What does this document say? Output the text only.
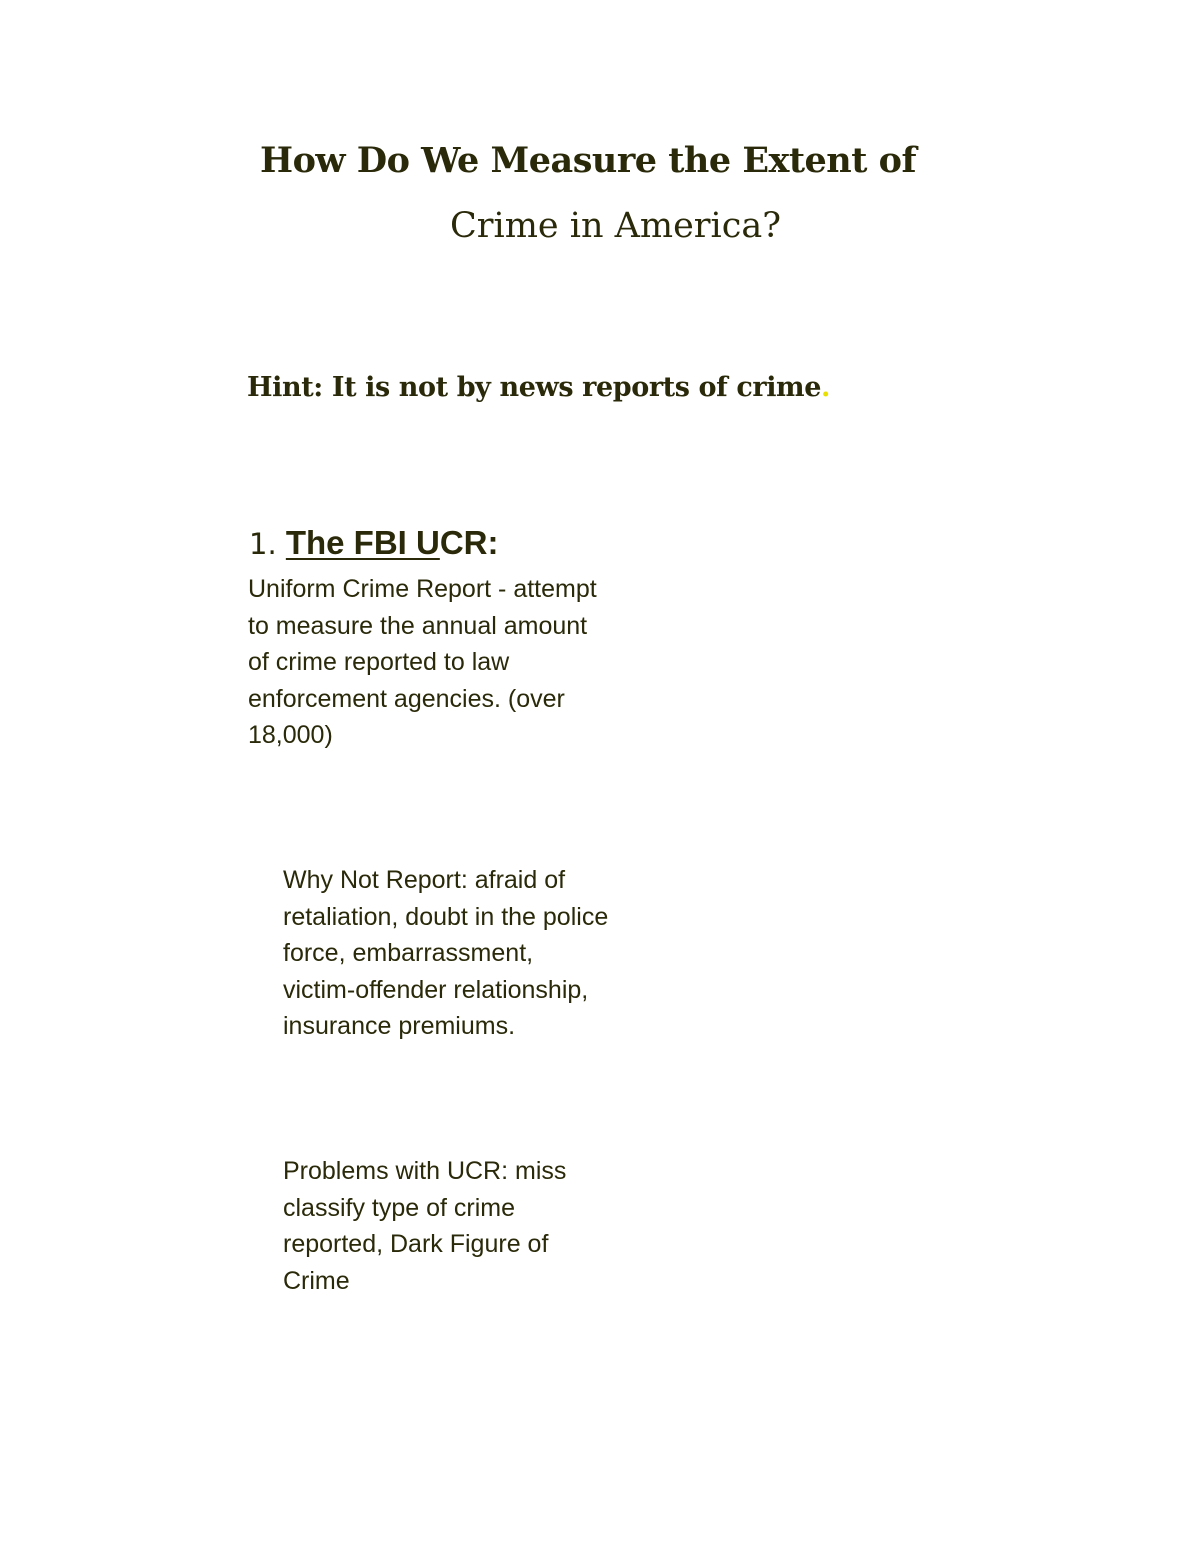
How Do We Measure the Extent of
Crime in America?
Hint: It is not by news reports of crime.
1. The FBI UCR:
Uniform Crime Report - attempt
to measure the annual amount
of crime reported to law
enforcement agencies. (over
18,000)
Why Not Report: afraid of
retaliation, doubt in the police
force, embarrassment,
victim-offender relationship,
insurance premiums.
Problems with UCR: miss
classify type of crime
reported, Dark Figure of
Crime
